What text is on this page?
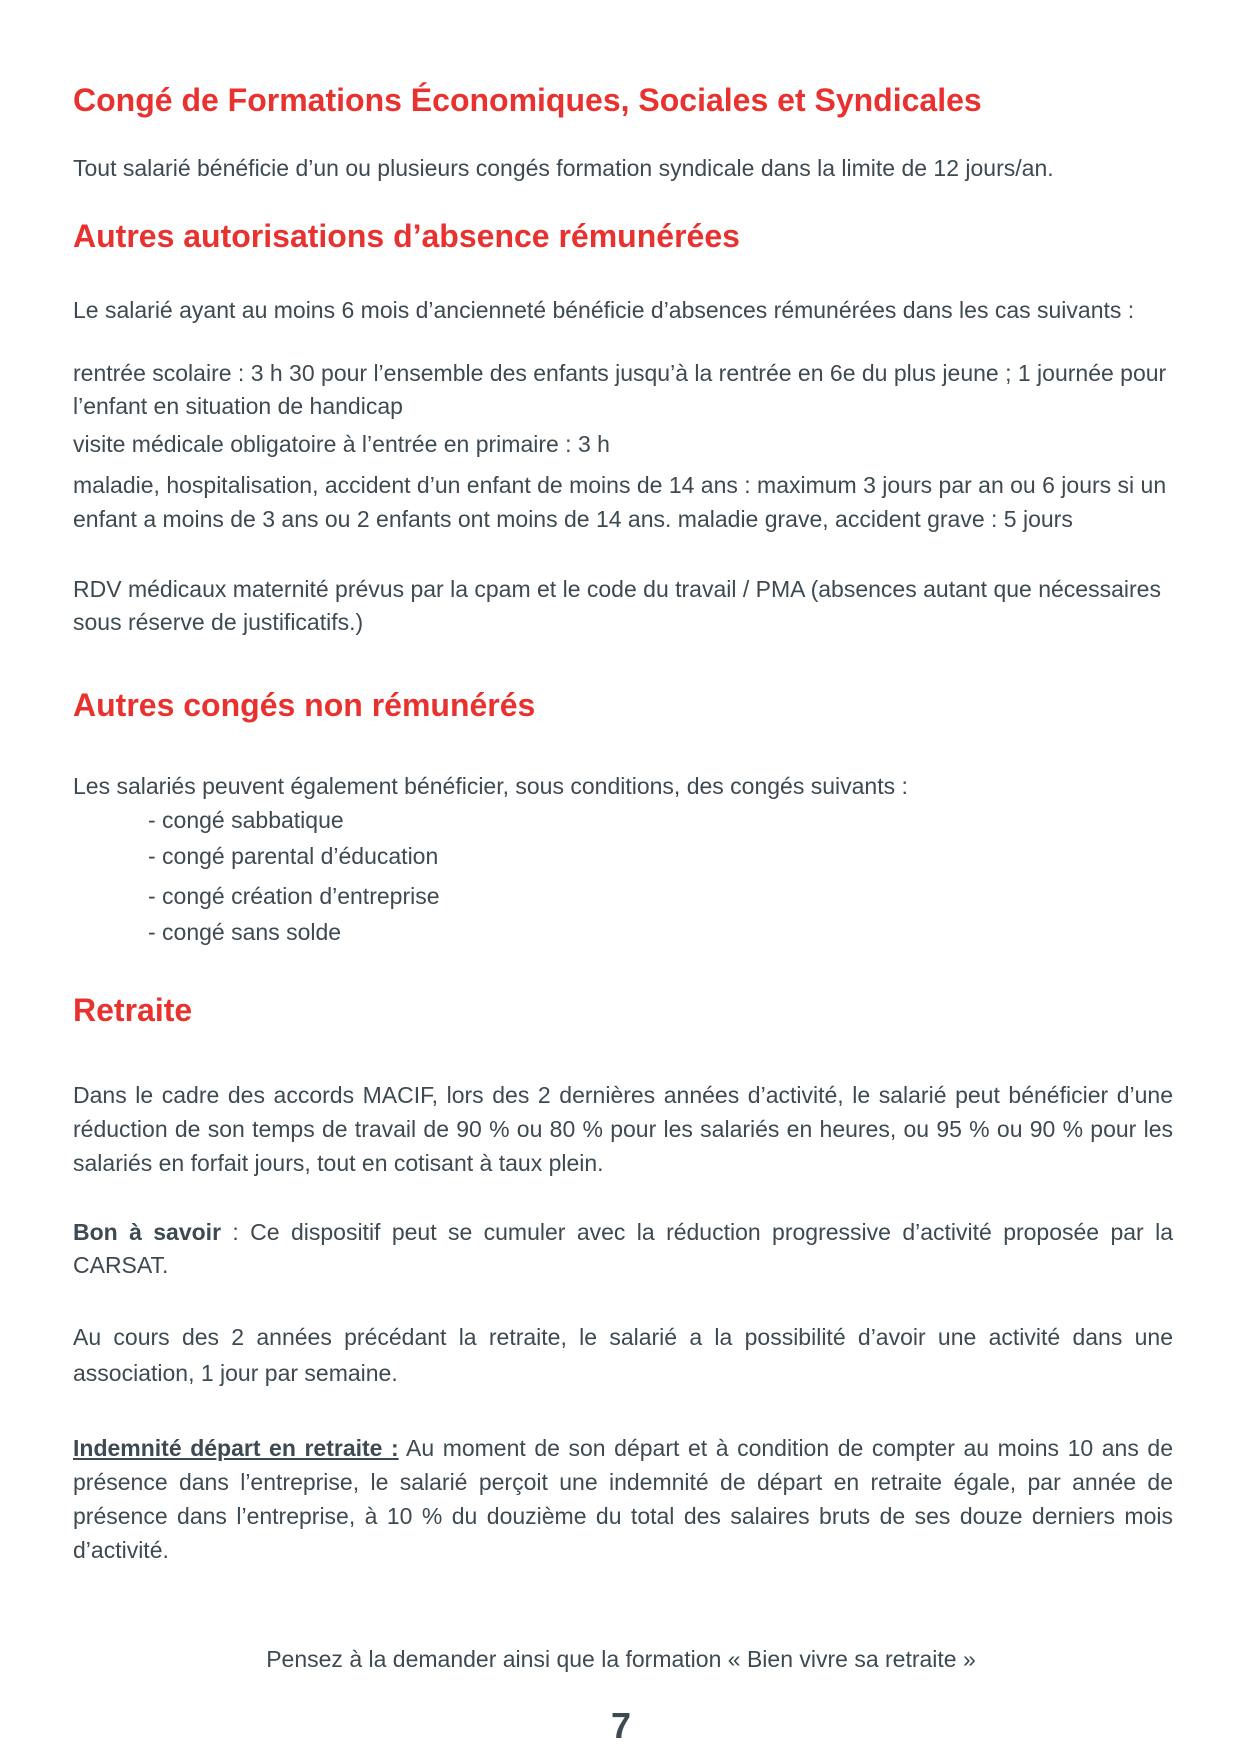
Congé de Formations Économiques, Sociales et Syndicales

Tout salarié bénéficie d’un ou plusieurs congés formation syndicale dans la limite de 12 jours/an.

Autres autorisations d’absence rémunérées

Le salarié ayant au moins 6 mois d’ancienneté bénéficie d’absences rémunérées dans les cas suivants :

rentrée scolaire : 3 h 30 pour l’ensemble des enfants jusqu’à la rentrée en 6e du plus jeune ; 1 journée pour l’enfant en situation de handicap

visite médicale obligatoire à l’entrée en primaire : 3 h

maladie, hospitalisation, accident d’un enfant de moins de 14 ans : maximum 3 jours par an ou 6 jours si un enfant a moins de 3 ans ou 2 enfants ont moins de 14 ans. maladie grave, accident grave : 5 jours

RDV médicaux maternité prévus par la cpam et le code du travail / PMA (absences autant que nécessaires sous réserve de justificatifs.)

Autres congés non rémunérés

Les salariés peuvent également bénéficier, sous conditions, des congés suivants :

- congé sabbatique

- congé parental d’éducation

- congé création d’entreprise

- congé sans solde

Retraite

Dans le cadre des accords MACIF, lors des 2 dernières années d’activité, le salarié peut bénéficier d’une réduction de son temps de travail de 90 % ou 80 % pour les salariés en heures, ou 95 % ou 90 % pour les salariés en forfait jours, tout en cotisant à taux plein.

Bon à savoir : Ce dispositif peut se cumuler avec la réduction progressive d’activité proposée par la CARSAT.

Au cours des 2 années précédant la retraite, le salarié a la possibilité d’avoir une activité dans une association, 1 jour par semaine.

Indemnité départ en retraite : Au moment de son départ et à condition de compter au moins 10 ans de présence dans l’entreprise, le salarié perçoit une indemnité de départ en retraite égale, par année de présence dans l’entreprise, à 10 % du douzième du total des salaires bruts de ses douze derniers mois d’activité.

Pensez à la demander ainsi que la formation « Bien vivre sa retraite »

7
